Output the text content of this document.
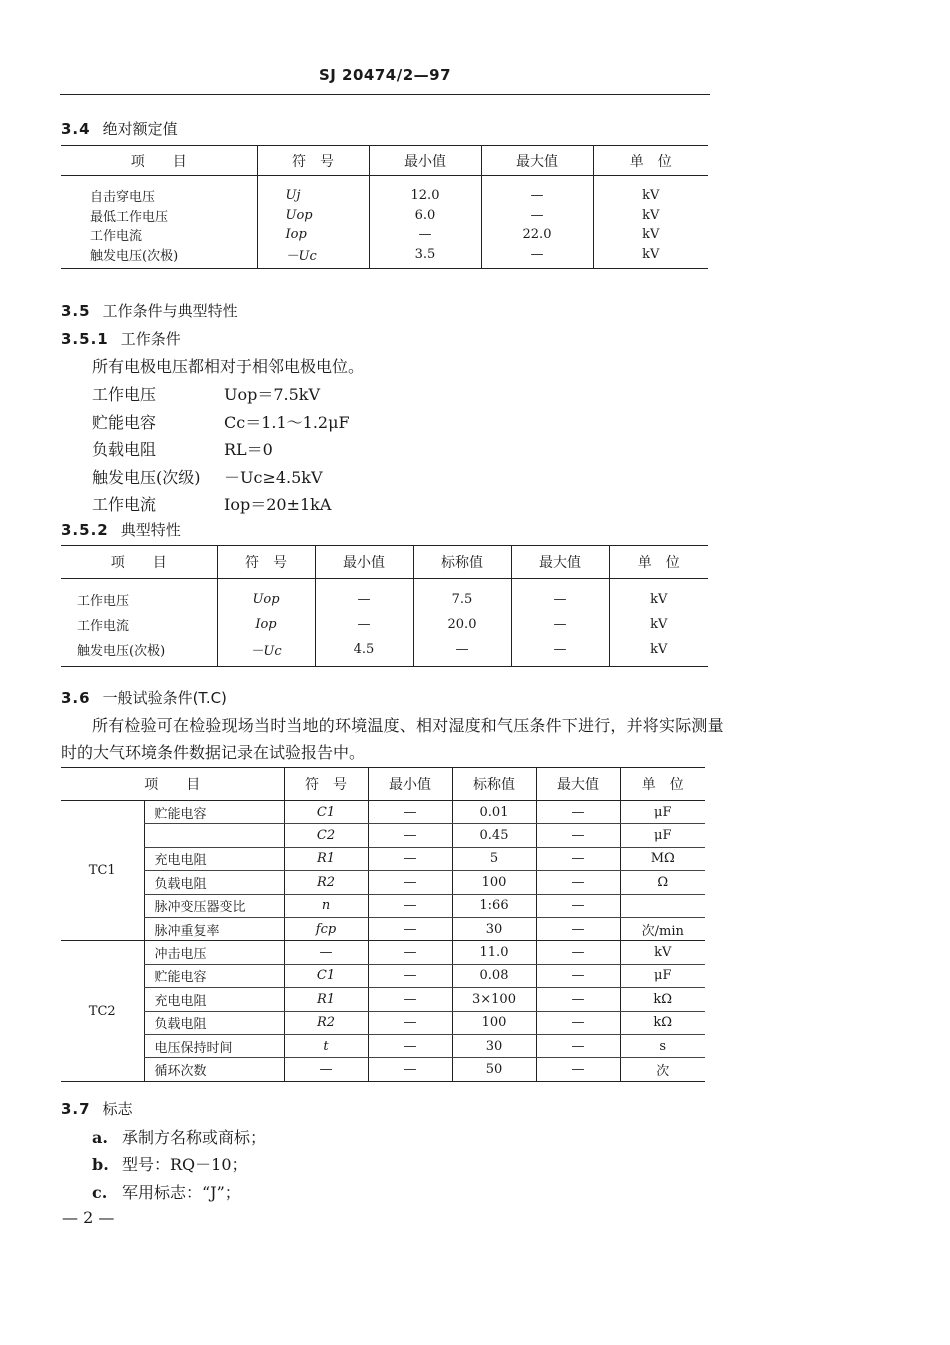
SJ 20474/2—97
3.4 绝对额定值
项　　目	符　号	最小值	最大值	单　位
自击穿电压	Uj	12.0	—	kV
最低工作电压	Uop	6.0	—	kV
工作电流	Iop	—	22.0	kV
触发电压(次极)	－Uc	3.5	—	kV
3.5 工作条件与典型特性
3.5.1 工作条件
所有电极电压都相对于相邻电极电位。
工作电压	Uop＝7.5kV
贮能电容	Cc＝1.1～1.2μF
负载电阻	RL＝0
触发电压(次级) －Uc≥4.5kV
工作电流	Iop＝20±1kA
3.5.2 典型特性
项　　目	符　号	最小值	标称值	最大值	单　位
工作电压	Uop	—	7.5	—	kV
工作电流	Iop	—	20.0	—	kV
触发电压(次极)	－Uc	4.5	—	—	kV
3.6 一般试验条件(T.C)
所有检验可在检验现场当时当地的环境温度、相对湿度和气压条件下进行，并将实际测量
时的大气环境条件数据记录在试验报告中。
项　　目		符　号	最小值	标称值	最大值	单　位
TC1	贮能电容	C1	—	0.01	—	μF
		C2	—	0.45	—	μF
	充电电阻	R1	—	5	—	MΩ
	负载电阻	R2	—	100	—	Ω
	脉冲变压器变比	n	—	1:66	—	
	脉冲重复率	fcp	—	30	—	次/min
TC2	冲击电压	—	—	11.0	—	kV
	贮能电容	C1	—	0.08	—	μF
	充电电阻	R1	—	3×100	—	kΩ
	负载电阻	R2	—	100	—	kΩ
	电压保持时间	t	—	30	—	s
	循环次数	—	—	50	—	次
3.7 标志
a. 承制方名称或商标；
b. 型号：RQ－10；
c. 军用标志：“J”；
— 2 —
